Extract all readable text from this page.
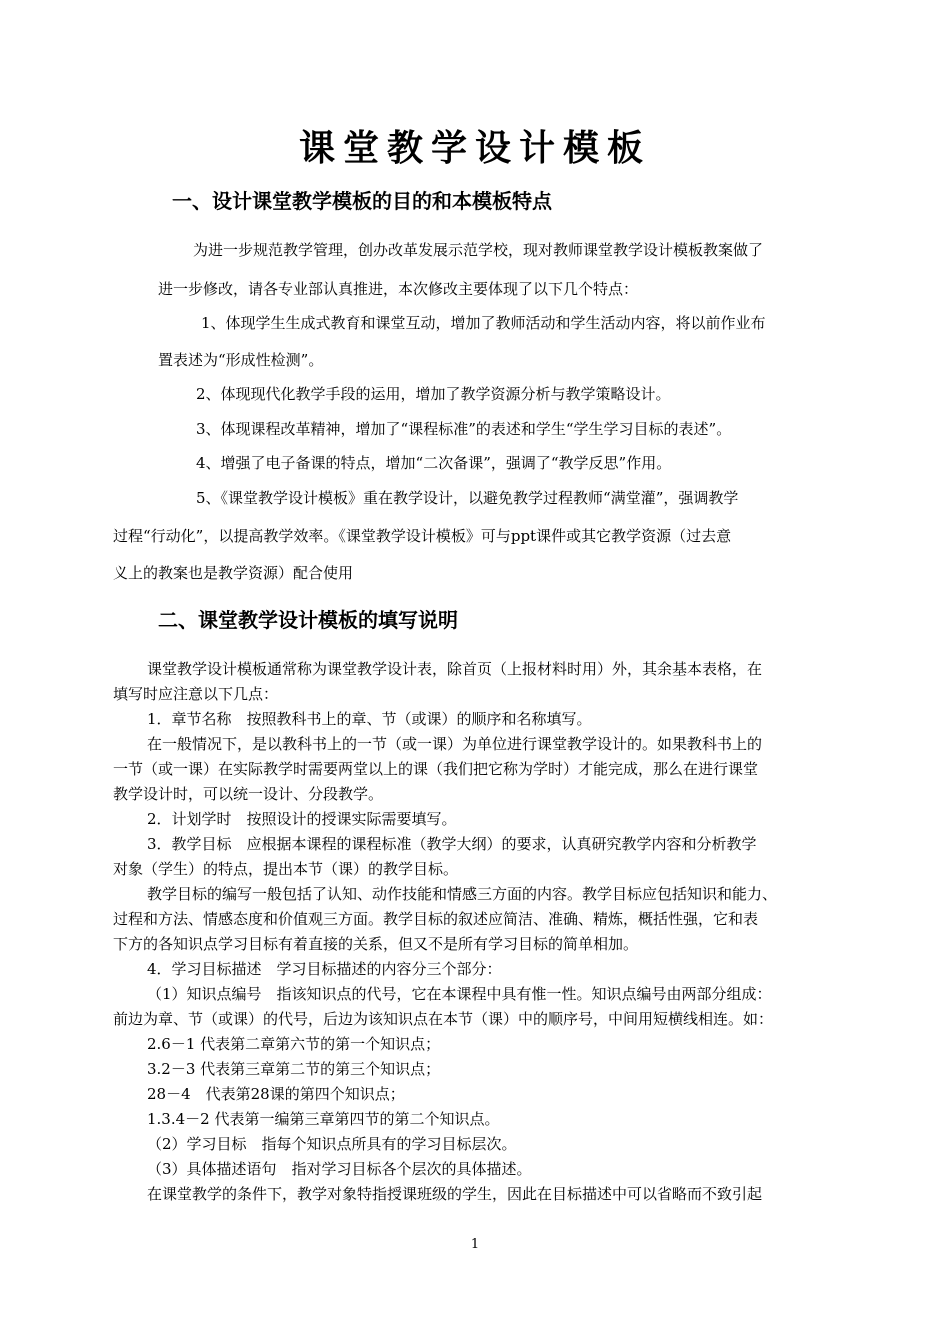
课堂教学设计模板
一、设计课堂教学模板的目的和本模板特点
为进一步规范教学管理，创办改革发展示范学校，现对教师课堂教学设计模板教案做了
进一步修改，请各专业部认真推进，本次修改主要体现了以下几个特点：
1、体现学生生成式教育和课堂互动，增加了教师活动和学生活动内容，将以前作业布
置表述为“形成性检测”。
2、体现现代化教学手段的运用，增加了教学资源分析与教学策略设计。
3、体现课程改革精神，增加了“课程标准”的表述和学生“学生学习目标的表述”。
4、增强了电子备课的特点，增加“二次备课”，强调了“教学反思”作用。
5、《课堂教学设计模板》重在教学设计，以避免教学过程教师“满堂灌”，强调教学
过程“行动化”，以提高教学效率。《课堂教学设计模板》可与ppt课件或其它教学资源（过去意
义上的教案也是教学资源）配合使用
二、课堂教学设计模板的填写说明
课堂教学设计模板通常称为课堂教学设计表，除首页（上报材料时用）外，其余基本表格，在
填写时应注意以下几点：
1．章节名称　按照教科书上的章、节（或课）的顺序和名称填写。
在一般情况下，是以教科书上的一节（或一课）为单位进行课堂教学设计的。如果教科书上的
一节（或一课）在实际教学时需要两堂以上的课（我们把它称为学时）才能完成，那么在进行课堂
教学设计时，可以统一设计、分段教学。
2．计划学时　按照设计的授课实际需要填写。
3．教学目标　应根据本课程的课程标准（教学大纲）的要求，认真研究教学内容和分析教学
对象（学生）的特点，提出本节（课）的教学目标。
教学目标的编写一般包括了认知、动作技能和情感三方面的内容。教学目标应包括知识和能力、
过程和方法、情感态度和价值观三方面。教学目标的叙述应简洁、准确、精炼，概括性强，它和表
下方的各知识点学习目标有着直接的关系，但又不是所有学习目标的简单相加。
4．学习目标描述　学习目标描述的内容分三个部分：
（1）知识点编号　指该知识点的代号，它在本课程中具有惟一性。知识点编号由两部分组成：
前边为章、节（或课）的代号，后边为该知识点在本节（课）中的顺序号，中间用短横线相连。如：
2.6－1 代表第二章第六节的第一个知识点；
3.2－3 代表第三章第二节的第三个知识点；
28－4　代表第28课的第四个知识点；
1.3.4－2 代表第一编第三章第四节的第二个知识点。
（2）学习目标　指每个知识点所具有的学习目标层次。
（3）具体描述语句　指对学习目标各个层次的具体描述。
在课堂教学的条件下，教学对象特指授课班级的学生，因此在目标描述中可以省略而不致引起
1
